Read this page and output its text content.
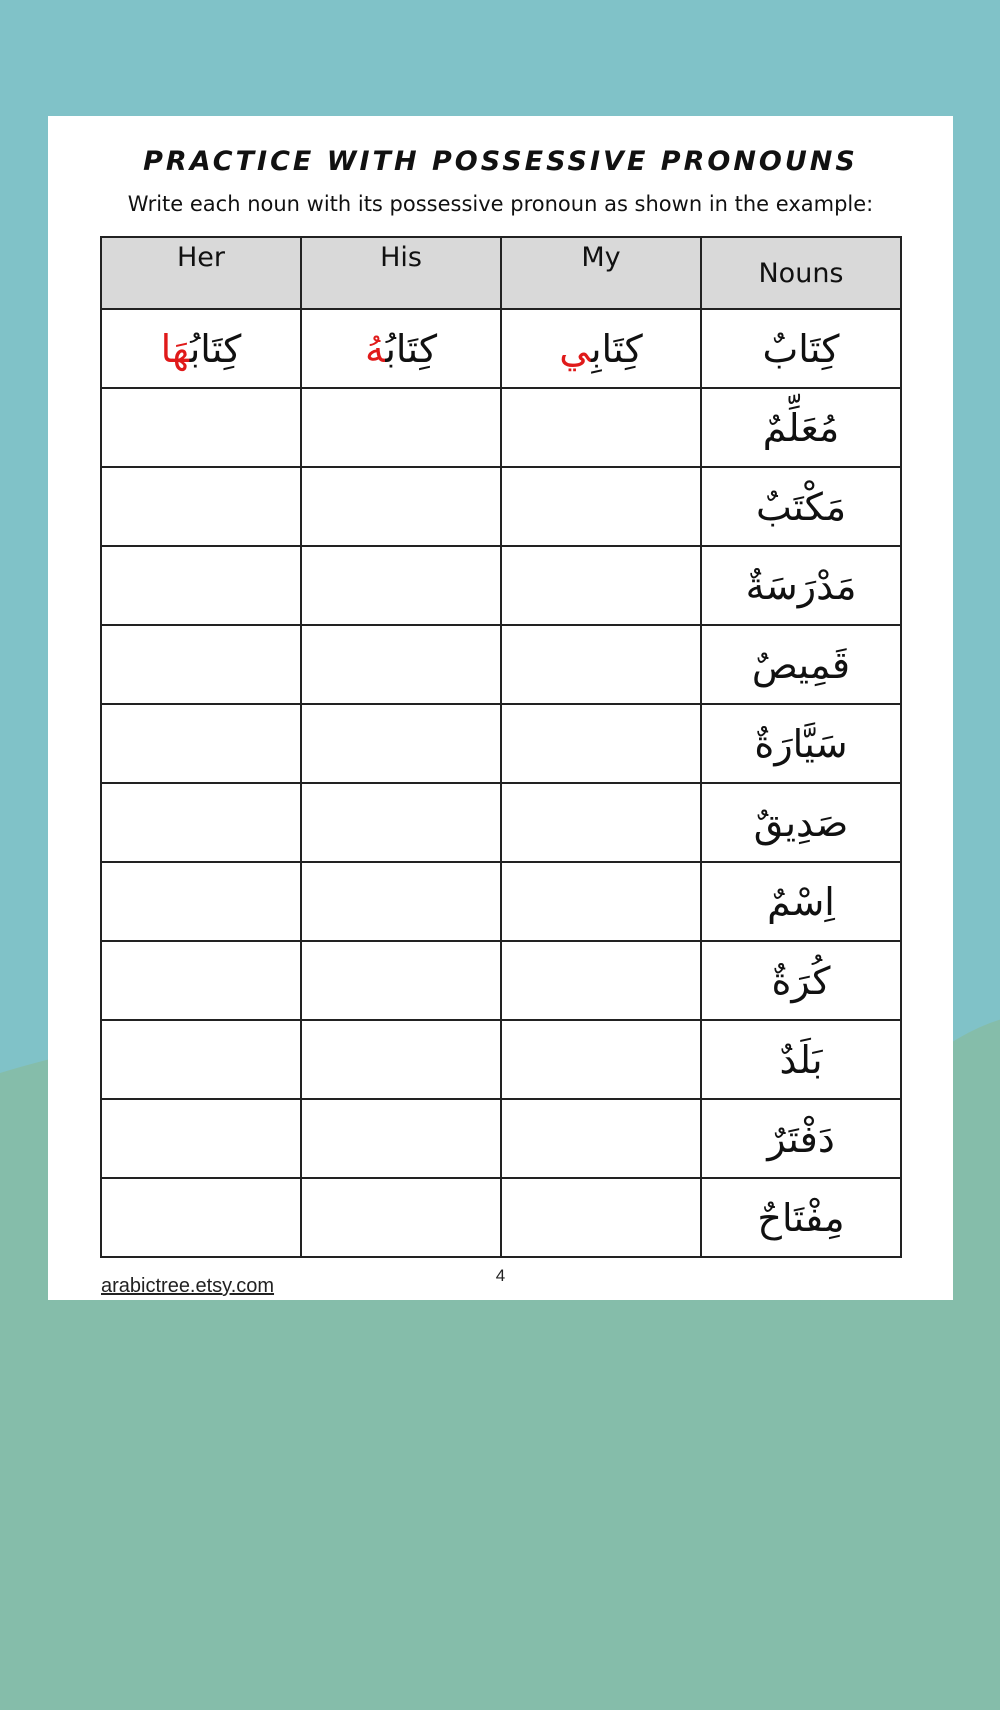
PRACTICE WITH POSSESSIVE PRONOUNS
Write each noun with its possessive pronoun as shown in the example:
Her	His	My	Nouns
كِتَابُهَا	كِتَابُهُ	كِتَابِي	كِتَابٌ
			مُعَلِّمٌ
			مَكْتَبٌ
			مَدْرَسَةٌ
			قَمِيصٌ
			سَيَّارَةٌ
			صَدِيقٌ
			اِسْمٌ
			كُرَةٌ
			بَلَدٌ
			دَفْتَرٌ
			مِفْتَاحٌ
4
arabictree.etsy.com
